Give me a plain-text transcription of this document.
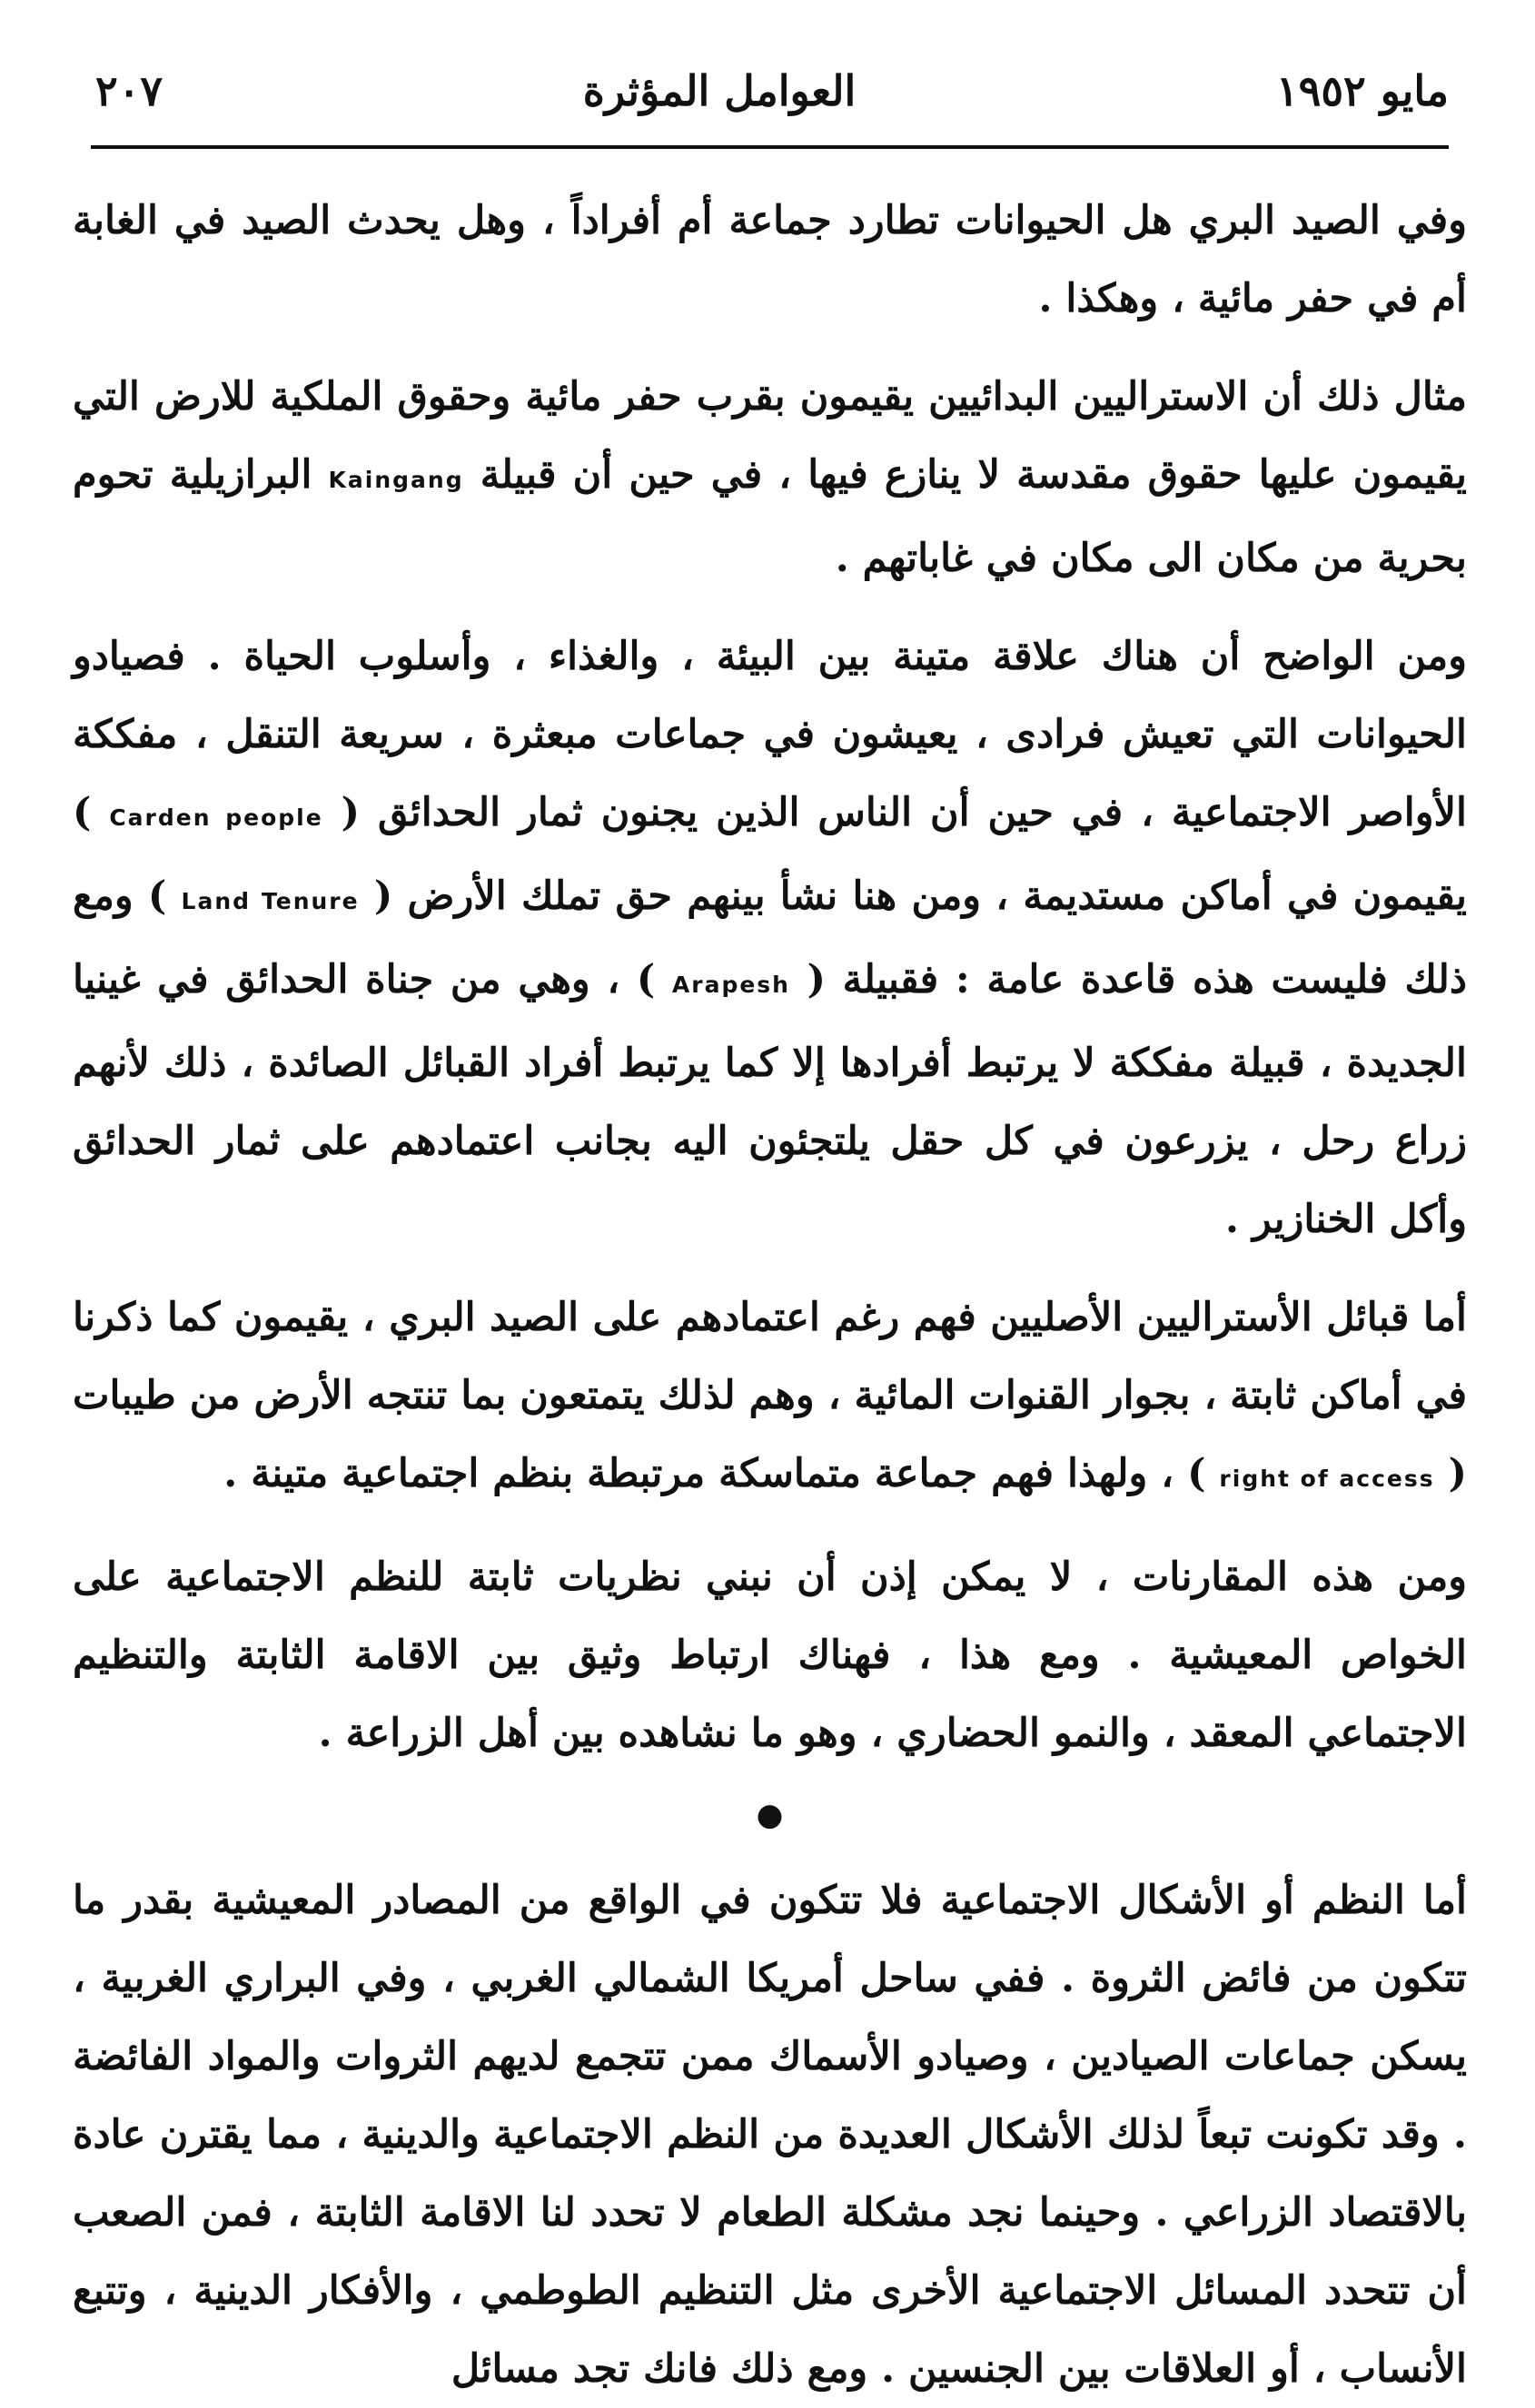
مايو ١٩٥٢
العوامل المؤثرة
٢٠٧

وفي الصيد البري هل الحيوانات تطارد جماعة أم أفراداً ، وهل يحدث الصيد في الغابة أم في حفر مائية ، وهكذا .

مثال ذلك أن الاستراليين البدائيين يقيمون بقرب حفر مائية وحقوق الملكية للارض التي يقيمون عليها حقوق مقدسة لا ينازع فيها ، في حين أن قبيلة Kaingang البرازيلية تحوم بحرية من مكان الى مكان في غاباتهم .

ومن الواضح أن هناك علاقة متينة بين البيئة ، والغذاء ، وأسلوب الحياة . فصيادو الحيوانات التي تعيش فرادى ، يعيشون في جماعات مبعثرة ، سريعة التنقل ، مفككة الأواصر الاجتماعية ، في حين أن الناس الذين يجنون ثمار الحدائق ( Carden people ) يقيمون في أماكن مستديمة ، ومن هنا نشأ بينهم حق تملك الأرض ( Land Tenure ) ومع ذلك فليست هذه قاعدة عامة : فقبيلة ( Arapesh ) ، وهي من جناة الحدائق في غينيا الجديدة ، قبيلة مفككة لا يرتبط أفرادها إلا كما يرتبط أفراد القبائل الصائدة ، ذلك لأنهم زراع رحل ، يزرعون في كل حقل يلتجئون اليه بجانب اعتمادهم على ثمار الحدائق وأكل الخنازير .

أما قبائل الأستراليين الأصليين فهم رغم اعتمادهم على الصيد البري ، يقيمون كما ذكرنا في أماكن ثابتة ، بجوار القنوات المائية ، وهم لذلك يتمتعون بما تنتجه الأرض من طيبات ( right of access ) ، ولهذا فهم جماعة متماسكة مرتبطة بنظم اجتماعية متينة .

ومن هذه المقارنات ، لا يمكن إذن أن نبني نظريات ثابتة للنظم الاجتماعية على الخواص المعيشية . ومع هذا ، فهناك ارتباط وثيق بين الاقامة الثابتة والتنظيم الاجتماعي المعقد ، والنمو الحضاري ، وهو ما نشاهده بين أهل الزراعة .

●

أما النظم أو الأشكال الاجتماعية فلا تتكون في الواقع من المصادر المعيشية بقدر ما تتكون من فائض الثروة . ففي ساحل أمريكا الشمالي الغربي ، وفي البراري الغربية ، يسكن جماعات الصيادين ، وصيادو الأسماك ممن تتجمع لديهم الثروات والمواد الفائضة . وقد تكونت تبعاً لذلك الأشكال العديدة من النظم الاجتماعية والدينية ، مما يقترن عادة بالاقتصاد الزراعي . وحينما نجد مشكلة الطعام لا تحدد لنا الاقامة الثابتة ، فمن الصعب أن تتحدد المسائل الاجتماعية الأخرى مثل التنظيم الطوطمي ، والأفكار الدينية ، وتتبع الأنساب ، أو العلاقات بين الجنسين . ومع ذلك فانك تجد مسائل
